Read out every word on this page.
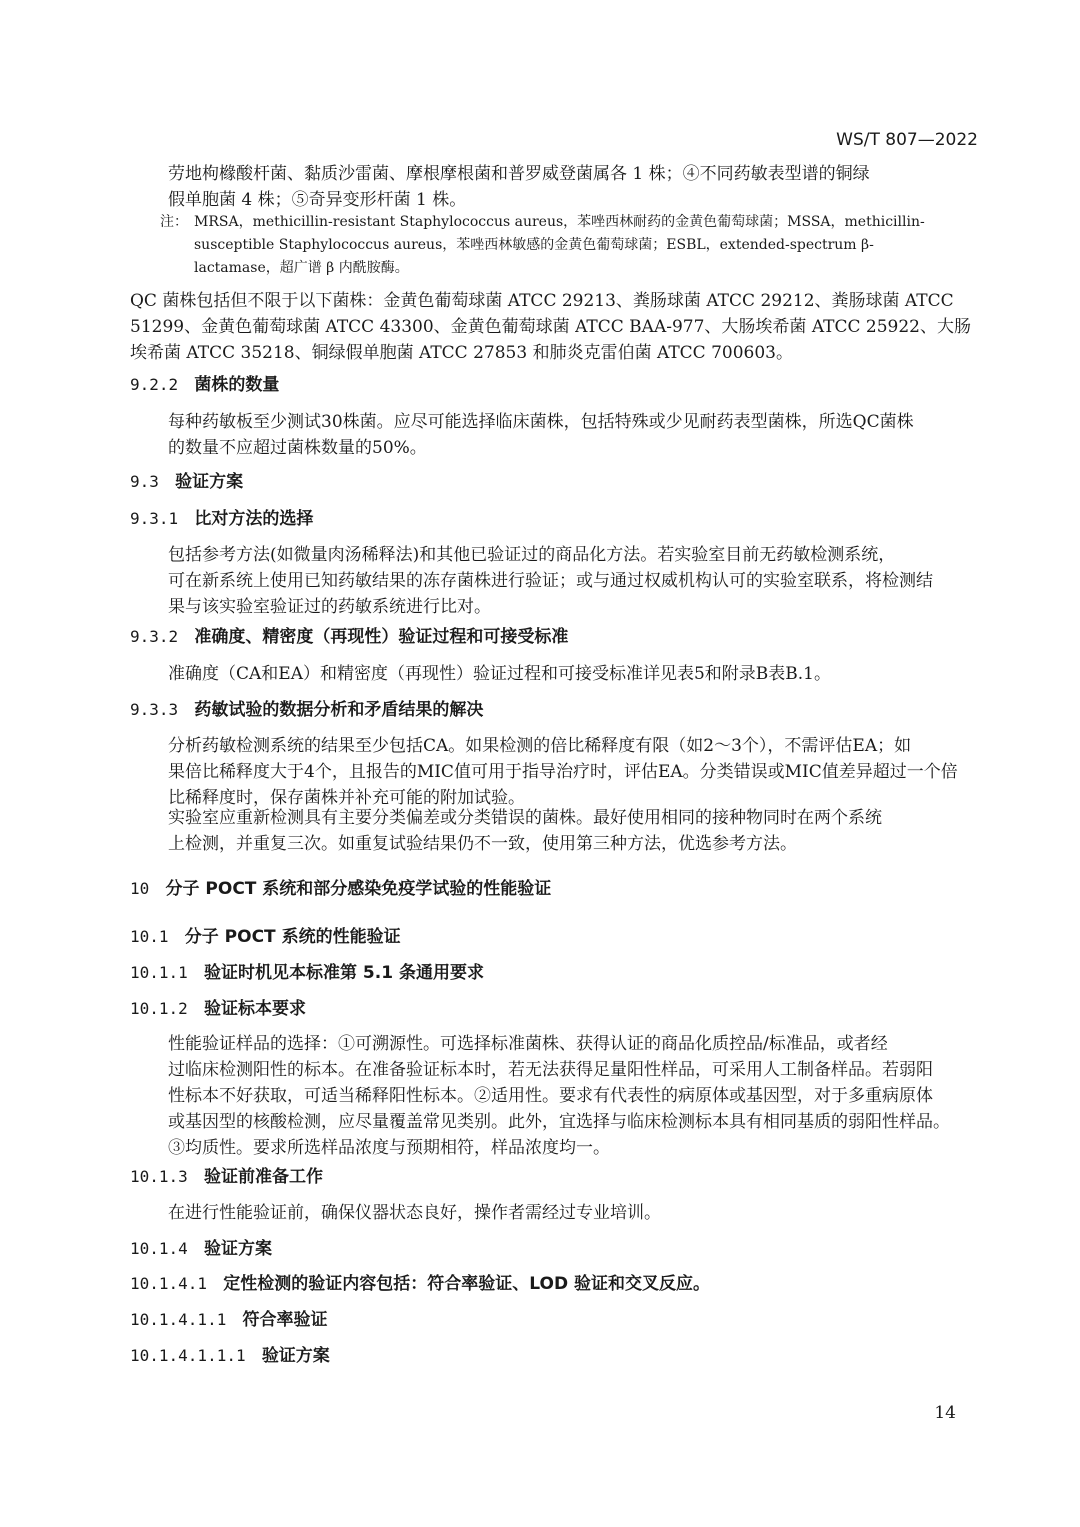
WS/T 807—2022
劳地枸橼酸杆菌、黏质沙雷菌、摩根摩根菌和普罗威登菌属各 1 株；④不同药敏表型谱的铜绿
假单胞菌 4 株；⑤奇异变形杆菌 1 株。
注： MRSA，methicillin-resistant Staphylococcus aureus，苯唑西林耐药的金黄色葡萄球菌；MSSA，methicillin-
susceptible Staphylococcus aureus，苯唑西林敏感的金黄色葡萄球菌；ESBL，extended-spectrum β-
lactamase，超广谱 β 内酰胺酶。
QC 菌株包括但不限于以下菌株：金黄色葡萄球菌 ATCC 29213、粪肠球菌 ATCC 29212、粪肠球菌 ATCC
51299、金黄色葡萄球菌 ATCC 43300、金黄色葡萄球菌 ATCC BAA-977、大肠埃希菌 ATCC 25922、大肠
埃希菌 ATCC 35218、铜绿假单胞菌 ATCC 27853 和肺炎克雷伯菌 ATCC 700603。
9.2.2 菌株的数量
每种药敏板至少测试30株菌。应尽可能选择临床菌株，包括特殊或少见耐药表型菌株，所选QC菌株
的数量不应超过菌株数量的50%。
9.3 验证方案
9.3.1 比对方法的选择
包括参考方法(如微量肉汤稀释法)和其他已验证过的商品化方法。若实验室目前无药敏检测系统，
可在新系统上使用已知药敏结果的冻存菌株进行验证；或与通过权威机构认可的实验室联系，将检测结
果与该实验室验证过的药敏系统进行比对。
9.3.2 准确度、精密度（再现性）验证过程和可接受标准
准确度（CA和EA）和精密度（再现性）验证过程和可接受标准详见表5和附录B表B.1。
9.3.3 药敏试验的数据分析和矛盾结果的解决
分析药敏检测系统的结果至少包括CA。如果检测的倍比稀释度有限（如2～3个），不需评估EA；如
果倍比稀释度大于4个，且报告的MIC值可用于指导治疗时，评估EA。分类错误或MIC值差异超过一个倍
比稀释度时，保存菌株并补充可能的附加试验。
实验室应重新检测具有主要分类偏差或分类错误的菌株。最好使用相同的接种物同时在两个系统
上检测，并重复三次。如重复试验结果仍不一致，使用第三种方法，优选参考方法。
10 分子 POCT 系统和部分感染免疫学试验的性能验证
10.1 分子 POCT 系统的性能验证
10.1.1 验证时机见本标准第 5.1 条通用要求
10.1.2 验证标本要求
性能验证样品的选择：①可溯源性。可选择标准菌株、获得认证的商品化质控品/标准品，或者经
过临床检测阳性的标本。在准备验证标本时，若无法获得足量阳性样品，可采用人工制备样品。若弱阳
性标本不好获取，可适当稀释阳性标本。②适用性。要求有代表性的病原体或基因型，对于多重病原体
或基因型的核酸检测，应尽量覆盖常见类别。此外，宜选择与临床检测标本具有相同基质的弱阳性样品。
③均质性。要求所选样品浓度与预期相符，样品浓度均一。
10.1.3 验证前准备工作
在进行性能验证前，确保仪器状态良好，操作者需经过专业培训。
10.1.4 验证方案
10.1.4.1 定性检测的验证内容包括：符合率验证、LOD 验证和交叉反应。
10.1.4.1.1 符合率验证
10.1.4.1.1.1 验证方案
14
